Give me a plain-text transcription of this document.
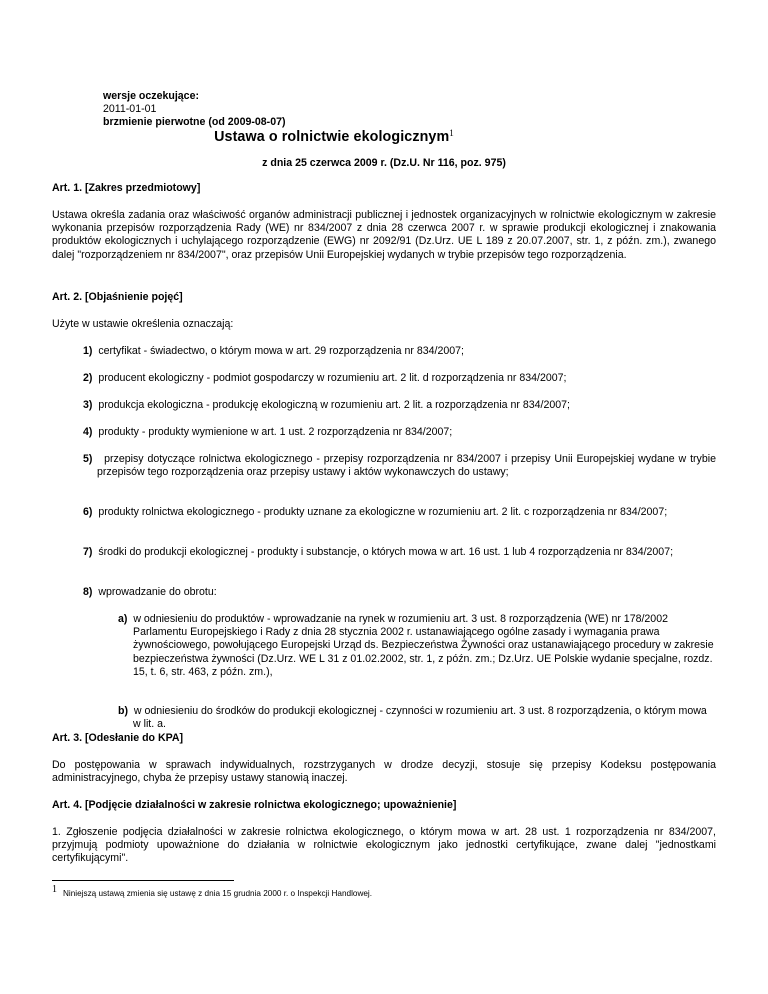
wersje oczekujące:
2011-01-01
brzmienie pierwotne (od 2009-08-07)
Ustawa o rolnictwie ekologicznym$^1$
z dnia 25 czerwca 2009 r. (Dz.U. Nr 116, poz. 975)
Art. 1. [Zakres przedmiotowy]
Ustawa określa zadania oraz właściwość organów administracji publicznej i jednostek organizacyjnych w rolnictwie ekologicznym w zakresie wykonania przepisów rozporządzenia Rady (WE) nr 834/2007 z dnia 28 czerwca 2007 r. w sprawie produkcji ekologicznej i znakowania produktów ekologicznych i uchylającego rozporządzenie (EWG) nr 2092/91 (Dz.Urz. UE L 189 z 20.07.2007, str. 1, z późn. zm.), zwanego dalej "rozporządzeniem nr 834/2007", oraz przepisów Unii Europejskiej wydanych w trybie przepisów tego rozporządzenia.
Art. 2. [Objaśnienie pojęć]
Użyte w ustawie określenia oznaczają:
1) certyfikat - świadectwo, o którym mowa w art. 29 rozporządzenia nr 834/2007;
2) producent ekologiczny - podmiot gospodarczy w rozumieniu art. 2 lit. d rozporządzenia nr 834/2007;
3) produkcja ekologiczna - produkcję ekologiczną w rozumieniu art. 2 lit. a rozporządzenia nr 834/2007;
4) produkty - produkty wymienione w art. 1 ust. 2 rozporządzenia nr 834/2007;
5)   przepisy dotyczące rolnictwa ekologicznego - przepisy rozporządzenia nr 834/2007 i przepisy Unii Europejskiej wydane w trybie przepisów tego rozporządzenia oraz przepisy ustawy i aktów wykonawczych do ustawy;
6) produkty rolnictwa ekologicznego - produkty uznane za ekologiczne w rozumieniu art. 2 lit. c rozporządzenia nr 834/2007;
7) środki do produkcji ekologicznej - produkty i substancje, o których mowa w art. 16 ust. 1 lub 4 rozporządzenia nr 834/2007;
8) wprowadzanie do obrotu:
a) w odniesieniu do produktów - wprowadzanie na rynek w rozumieniu art. 3 ust. 8 rozporządzenia (WE) nr 178/2002 Parlamentu Europejskiego i Rady z dnia 28 stycznia 2002 r. ustanawiającego ogólne zasady i wymagania prawa żywnościowego, powołującego Europejski Urząd ds. Bezpieczeństwa Żywności oraz ustanawiającego procedury w zakresie bezpieczeństwa żywności (Dz.Urz. WE L 31 z 01.02.2002, str. 1, z późn. zm.; Dz.Urz. UE Polskie wydanie specjalne, rozdz. 15, t. 6, str. 463, z późn. zm.),
b) w odniesieniu do środków do produkcji ekologicznej - czynności w rozumieniu art. 3 ust. 8 rozporządzenia, o którym mowa w lit. a.
Art. 3. [Odesłanie do KPA]
Do postępowania w sprawach indywidualnych, rozstrzyganych w drodze decyzji, stosuje się przepisy Kodeksu postępowania administracyjnego, chyba że przepisy ustawy stanowią inaczej.
Art. 4. [Podjęcie działalności w zakresie rolnictwa ekologicznego; upoważnienie]
1. Zgłoszenie podjęcia działalności w zakresie rolnictwa ekologicznego, o którym mowa w art. 28 ust. 1 rozporządzenia nr 834/2007, przyjmują podmioty upoważnione do działania w rolnictwie ekologicznym jako jednostki certyfikujące, zwane dalej "jednostkami certyfikującymi".
1 Niniejszą ustawą zmienia się ustawę z dnia 15 grudnia 2000 r. o Inspekcji Handlowej.
